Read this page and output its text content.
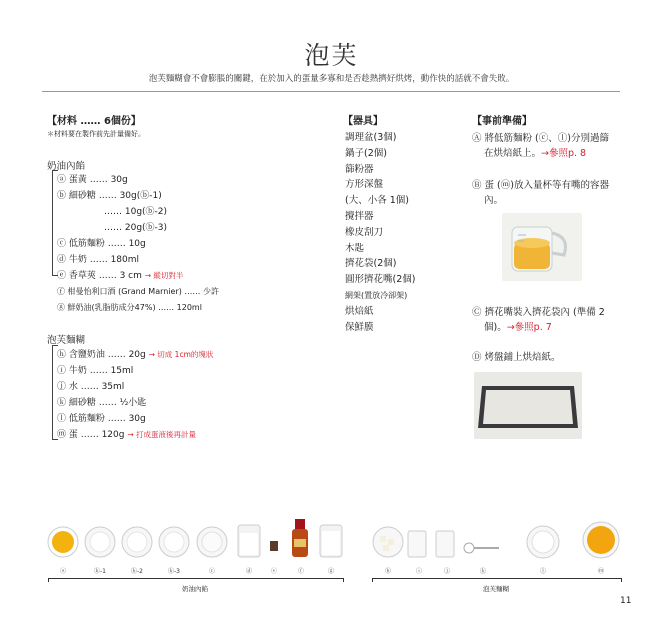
泡芙
泡芙麵糊會不會膨脹的關鍵，在於加入的蛋量多寡和是否趁熱擠好烘烤，動作快的話就不會失敗。
【材料 …… 6個份】
＊材料要在製作前先計量備好。
奶油內餡
ⓐ 蛋黃 …… 30g
ⓑ 細砂糖 …… 30g(ⓑ-1)
…… 10g(ⓑ-2)
…… 20g(ⓑ-3)
ⓒ 低筋麵粉 …… 10g
ⓓ 牛奶 …… 180ml
ⓔ 香草莢 …… 3 cm → 縱切對半
ⓕ 柑曼怡利口酒 (Grand Marnier) …… 少許
ⓖ 鮮奶油(乳脂肪成分47%) …… 120ml
泡芙麵糊
ⓗ 含鹽奶油 …… 20g → 切成 1cm的塊狀
ⓘ 牛奶 …… 15ml
ⓙ 水 …… 35ml
ⓚ 細砂糖 …… ½小匙
ⓛ 低筋麵粉 …… 30g
ⓜ 蛋 …… 120g → 打成蛋液後再計量
【器具】
調理盆(3個)
鍋子(2個)
篩粉器
方形深盤
(大、小各 1個)
攪拌器
橡皮刮刀
木匙
擠花袋(2個)
圓形擠花嘴(2個)
網架(置放冷卻架)
烘焙紙
保鮮膜
【事前準備】
Ⓐ 將低筋麵粉 (ⓒ、ⓛ)分別過篩
在烘焙紙上。→參照p. 8
Ⓑ 蛋 (ⓜ)放入量杯等有嘴的容器
內。
Ⓒ 擠花嘴裝入擠花袋內 (準備 2
個)。→參照p. 7
Ⓓ 烤盤鋪上烘焙紙。
ⓐ	ⓑ-1	ⓑ-2	ⓑ-3	ⓒ	ⓓ	ⓔ	ⓕ	ⓖ	ⓗ	ⓘ	ⓙ	ⓚ	ⓛ	ⓜ
奶油內餡	泡芙麵糊
11
